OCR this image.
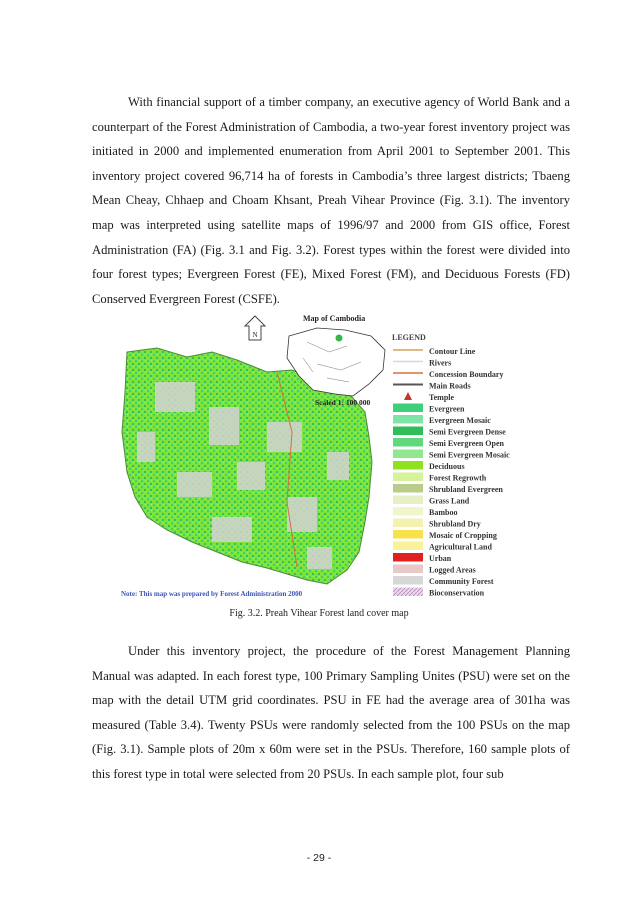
With financial support of a timber company, an executive agency of World Bank and a counterpart of the Forest Administration of Cambodia, a two-year forest inventory project was initiated in 2000 and implemented enumeration from April 2001 to September 2001. This inventory project covered 96,714 ha of forests in Cambodia’s three largest districts; Tbaeng Mean Cheay, Chhaep and Choam Khsant, Preah Vihear Province (Fig. 3.1). The inventory map was interpreted using satellite maps of 1996/97 and 2000 from GIS office, Forest Administration (FA) (Fig. 3.1 and Fig. 3.2). Forest types within the forest were divided into four forest types; Evergreen Forest (FE), Mixed Forest (FM), and Deciduous Forests (FD) Conserved Evergreen Forest (CSFE).

N
Map of Cambodia
Scaled 1: 100 000
LEGEND
Contour Line
Rivers
Concession Boundary
Main Roads
Temple
Evergreen
Evergreen Mosaic
Semi Evergreen Dense
Semi Evergreen Open
Semi Evergreen Mosaic
Deciduous
Forest Regrowth
Shrubland Evergreen
Grass Land
Bamboo
Shrubland Dry
Mosaic of Cropping
Agricultural Land
Urban
Logged Areas
Community Forest
Bioconservation
Note: This map was prepared by Forest Administration 2000
Fig. 3.2. Preah Vihear Forest land cover map

Under this inventory project, the procedure of the Forest Management Planning Manual was adapted. In each forest type, 100 Primary Sampling Unites (PSU) were set on the map with the detail UTM grid coordinates. PSU in FE had the average area of 301ha was measured (Table 3.4). Twenty PSUs were randomly selected from the 100 PSUs on the map (Fig. 3.1). Sample plots of 20m x 60m were set in the PSUs. Therefore, 160 sample plots of this forest type in total were selected from 20 PSUs. In each sample plot, four sub

- 29 -
